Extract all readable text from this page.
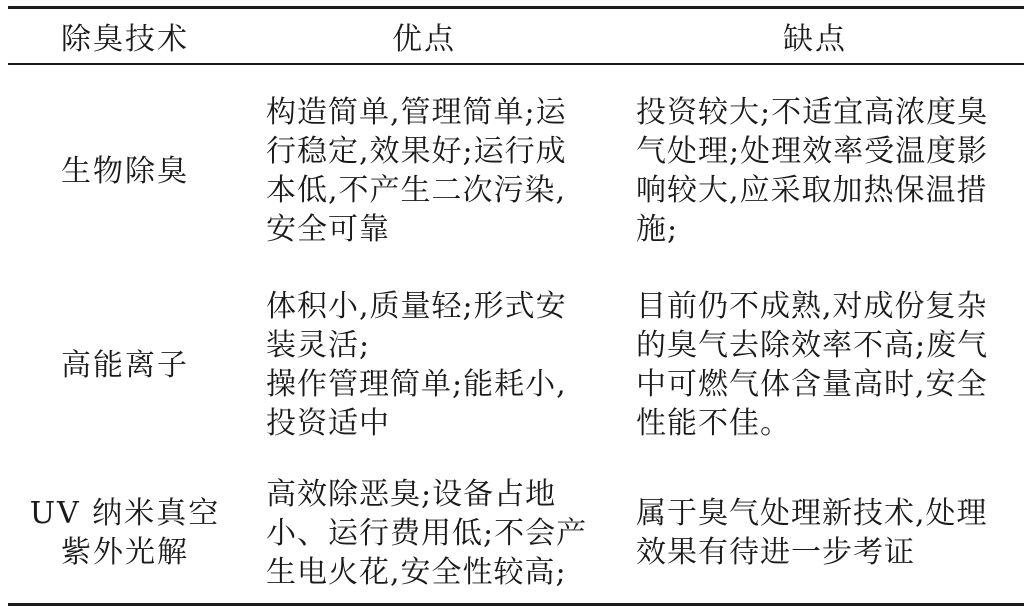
除臭技术	优点	缺点

生物除臭	构造简单,管理简单;运
行稳定,效果好;运行成
本低,不产生二次污染,
安全可靠	投资较大;不适宜高浓度臭
气处理;处理效率受温度影
响较大,应采取加热保温措
施;

高能离子	体积小,质量轻;形式安
装灵活;
操作管理简单;能耗小,
投资适中	目前仍不成熟,对成份复杂
的臭气去除效率不高;废气
中可燃气体含量高时,安全
性能不佳。

UV 纳米真空
紫外光解	高效除恶臭;设备占地
小、运行费用低;不会产
生电火花,安全性较高;	属于臭气处理新技术,处理
效果有待进一步考证
